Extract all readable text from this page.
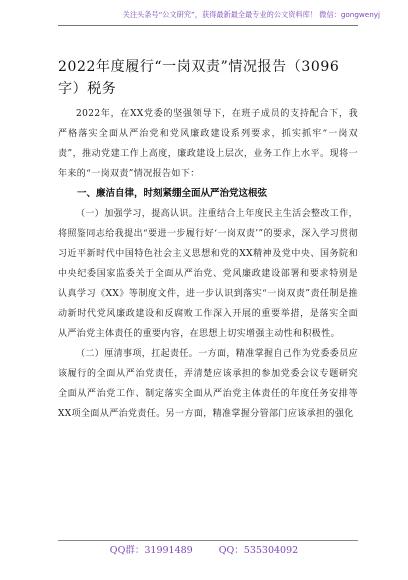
关注头条号“公文研究”，获得最新最全最专业的公文资料库！ 微信：gongwenyj
2022年度履行“一岗双责”情况报告（3096字）税务

2022年，在XX党委的坚强领导下，在班子成员的支持配合下，我严格落实全面从严治党和党风廉政建设系列要求，抓实抓牢“一岗双责”，推动党建工作上高度，廉政建设上层次，业务工作上水平。现将一年来的“一岗双责”情况报告如下：

一、廉洁自律，时刻紧绷全面从严治党这根弦

（一）加强学习，提高认识。注重结合上年度民主生活会整改工作，将照鉴同志给我提出“要进一步履行好‘一岗双责’”的要求，深入学习贯彻习近平新时代中国特色社会主义思想和党的XX精神及党中央、国务院和中央纪委国家监委关于全面从严治党、党风廉政建设部署和要求特别是认真学习《XX》等制度文件，进一步认识到落实“一岗双责”责任制是推动新时代党风廉政建设和反腐败工作深入开展的重要举措，是落实全面从严治党主体责任的重要内容，在思想上切实增强主动性和积极性。

（二）厘清事项，扛起责任。一方面，精准掌握自己作为党委委员应该履行的全面从严治党责任，弄清楚应该承担的参加党委会议专题研究全面从严治党工作、制定落实全面从严治党主体责任的年度任务安排等XX项全面从严治党责任。另一方面，精准掌握分管部门应该承担的强化

QQ群：31991489	QQ：535304092
